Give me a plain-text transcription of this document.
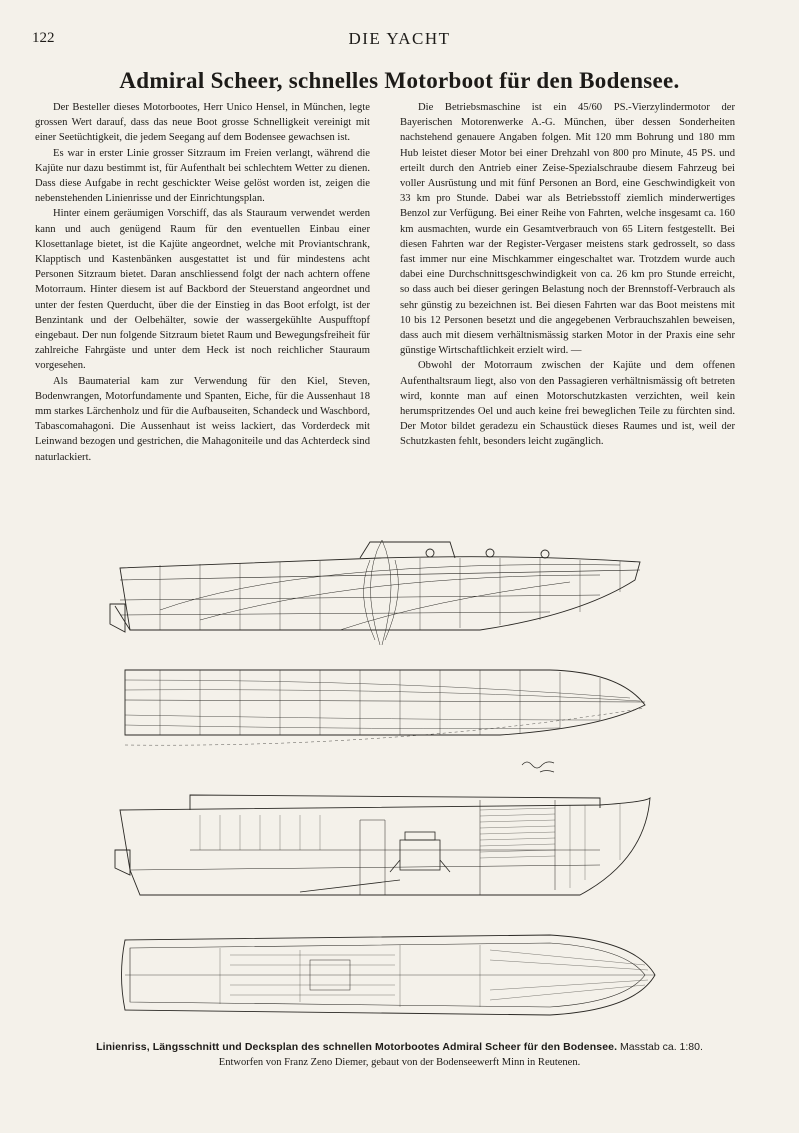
122	DIE YACHT
Admiral Scheer, schnelles Motorboot für den Bodensee.

Der Besteller dieses Motorbootes, Herr Unico Hensel, in München, legte grossen Wert darauf, dass das neue Boot grosse Schnelligkeit vereinigt mit einer Seetüchtigkeit, die jedem Seegang auf dem Bodensee gewachsen ist.

Es war in erster Linie grosser Sitzraum im Freien verlangt, während die Kajüte nur dazu bestimmt ist, für Aufenthalt bei schlechtem Wetter zu dienen. Dass diese Aufgabe in recht geschickter Weise gelöst worden ist, zeigen die nebenstehenden Linienrisse und der Einrichtungsplan.

Hinter einem geräumigen Vorschiff, das als Stauraum verwendet werden kann und auch genügend Raum für den eventuellen Einbau einer Klosettanlage bietet, ist die Kajüte angeordnet, welche mit Proviantschrank, Klapptisch und Kastenbänken ausgestattet ist und für mindestens acht Personen Sitzraum bietet. Daran anschliessend folgt der nach achtern offene Motorraum. Hinter diesem ist auf Backbord der Steuerstand angeordnet und unter der festen Querducht, über die der Einstieg in das Boot erfolgt, ist der Benzintank und der Oelbehälter, sowie der wassergekühlte Auspufftopf eingebaut. Der nun folgende Sitzraum bietet Raum und Bewegungsfreiheit für zahlreiche Fahrgäste und unter dem Heck ist noch reichlicher Stauraum vorgesehen.

Als Baumaterial kam zur Verwendung für den Kiel, Steven, Bodenwrangen, Motorfundamente und Spanten, Eiche, für die Aussenhaut 18 mm starkes Lärchenholz und für die Aufbauseiten, Schandeck und Waschbord, Tabascomahagoni. Die Aussenhaut ist weiss lackiert, das Vorderdeck mit Leinwand bezogen und gestrichen, die Mahagoniteile und das Achterdeck sind naturlackiert.

Die Betriebsmaschine ist ein 45/60 PS.-Vierzylindermotor der Bayerischen Motorenwerke A.-G. München, über dessen Sonderheiten nachstehend genauere Angaben folgen. Mit 120 mm Bohrung und 180 mm Hub leistet dieser Motor bei einer Drehzahl von 800 pro Minute, 45 PS. und erteilt durch den Antrieb einer Zeise-Spezialschraube diesem Fahrzeug bei voller Ausrüstung und mit fünf Personen an Bord, eine Geschwindigkeit von 33 km pro Stunde. Dabei war als Betriebsstoff ziemlich minderwertiges Benzol zur Verfügung. Bei einer Reihe von Fahrten, welche insgesamt ca. 160 km ausmachten, wurde ein Gesamtverbrauch von 65 Litern festgestellt. Bei diesen Fahrten war der Register-Vergaser meistens stark gedrosselt, so dass fast immer nur eine Mischkammer eingeschaltet war. Trotzdem wurde auch dabei eine Durchschnittsgeschwindigkeit von ca. 26 km pro Stunde erreicht, so dass auch bei dieser geringen Belastung noch der Brennstoff-Verbrauch als sehr günstig zu bezeichnen ist. Bei diesen Fahrten war das Boot meistens mit 10 bis 12 Personen besetzt und die angegebenen Verbrauchszahlen beweisen, dass auch mit diesem verhältnismässig starken Motor in der Praxis eine sehr günstige Wirtschaftlichkeit erzielt wird. —

Obwohl der Motorraum zwischen der Kajüte und dem offenen Aufenthaltsraum liegt, also von den Passagieren verhältnismässig oft betreten wird, konnte man auf einen Motorschutzkasten verzichten, weil kein herumspritzendes Oel und auch keine frei beweglichen Teile zu fürchten sind. Der Motor bildet geradezu ein Schaustück dieses Raumes und ist, weil der Schutzkasten fehlt, besonders leicht zugänglich.

Linienriss, Längsschnitt und Decksplan des schnellen Motorbootes Admiral Scheer für den Bodensee. Masstab ca. 1:80.
Entworfen von Franz Zeno Diemer, gebaut von der Bodenseewerft Minn in Reutenen.
